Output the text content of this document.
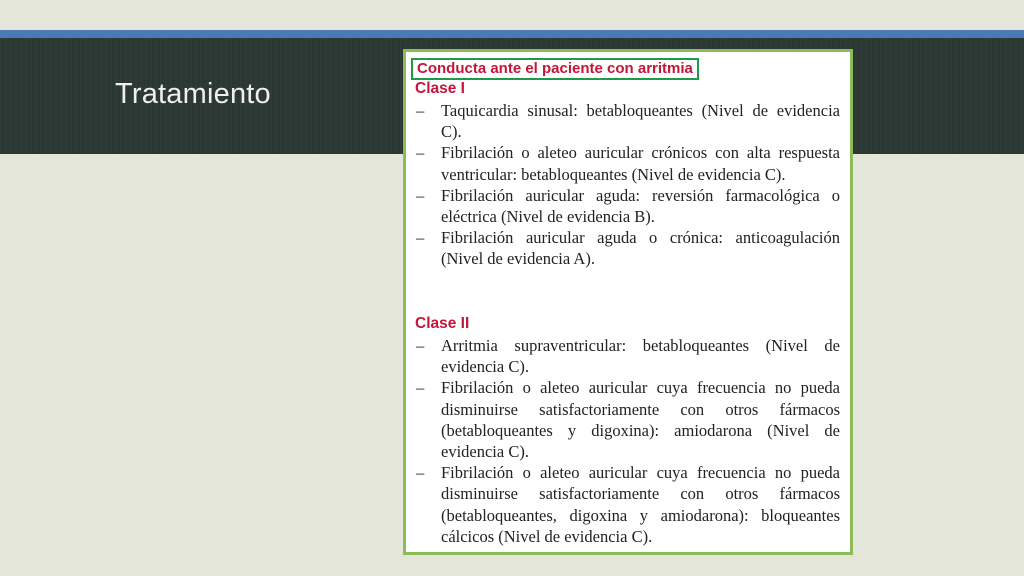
Tratamiento
Conducta ante el paciente con arritmia
Clase I
– Taquicardia sinusal: betabloqueantes (Nivel de evidencia C).
– Fibrilación o aleteo auricular crónicos con alta respuesta ventricular: betabloqueantes (Nivel de evidencia C).
– Fibrilación auricular aguda: reversión farmacológica o eléctrica (Nivel de evidencia B).
– Fibrilación auricular aguda o crónica: anticoagulación (Nivel de evidencia A).
Clase II
– Arritmia supraventricular: betabloqueantes (Nivel de evidencia C).
– Fibrilación o aleteo auricular cuya frecuencia no pueda disminuirse satisfactoriamente con otros fármacos (betabloqueantes y digoxina): amiodarona (Nivel de evidencia C).
– Fibrilación o aleteo auricular cuya frecuencia no pueda disminuirse satisfactoriamente con otros fármacos (betabloqueantes, digoxina y amiodarona): bloqueantes cálcicos (Nivel de evidencia C).
